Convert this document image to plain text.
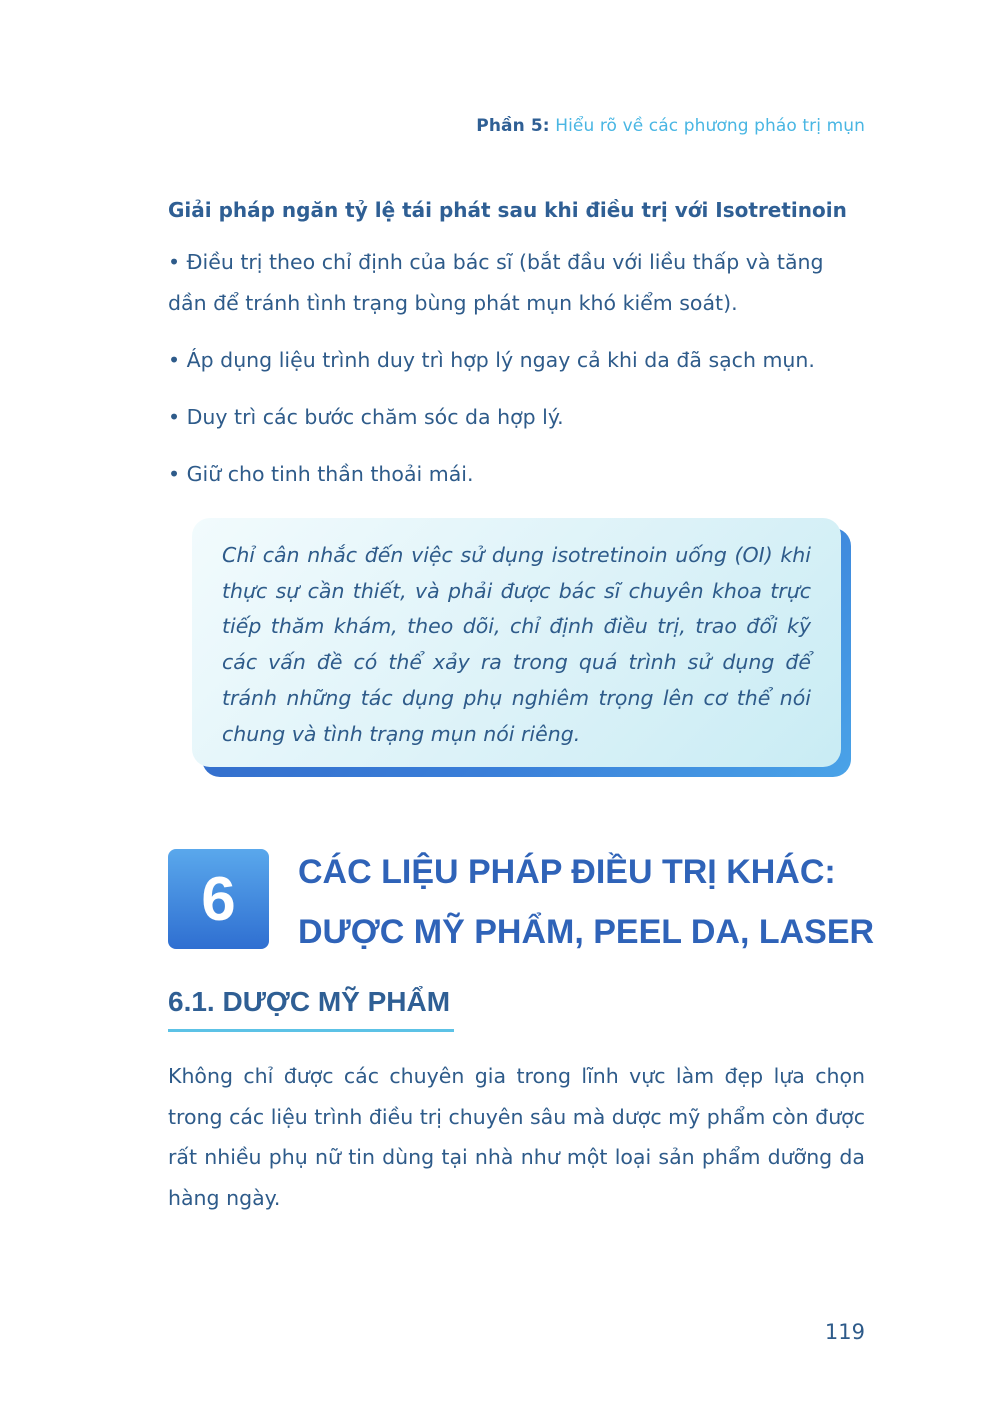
Phần 5: Hiểu rõ về các phương pháo trị mụn
Giải pháp ngăn tỷ lệ tái phát sau khi điều trị với Isotretinoin
• Điều trị theo chỉ định của bác sĩ (bắt đầu với liều thấp và tăng dần để tránh tình trạng bùng phát mụn khó kiểm soát).
• Áp dụng liệu trình duy trì hợp lý ngay cả khi da đã sạch mụn.
• Duy trì các bước chăm sóc da hợp lý.
• Giữ cho tinh thần thoải mái.

Chỉ cân nhắc đến việc sử dụng isotretinoin uống (OI) khi thực sự cần thiết, và phải được bác sĩ chuyên khoa trực tiếp thăm khám, theo dõi, chỉ định điều trị, trao đổi kỹ các vấn đề có thể xảy ra trong quá trình sử dụng để tránh những tác dụng phụ nghiêm trọng lên cơ thể nói chung và tình trạng mụn nói riêng.

6	CÁC LIỆU PHÁP ĐIỀU TRỊ KHÁC:
DƯỢC MỸ PHẨM, PEEL DA, LASER
6.1. DƯỢC MỸ PHẨM

Không chỉ được các chuyên gia trong lĩnh vực làm đẹp lựa chọn trong các liệu trình điều trị chuyên sâu mà dược mỹ phẩm còn được rất nhiều phụ nữ tin dùng tại nhà như một loại sản phẩm dưỡng da hàng ngày.

119
